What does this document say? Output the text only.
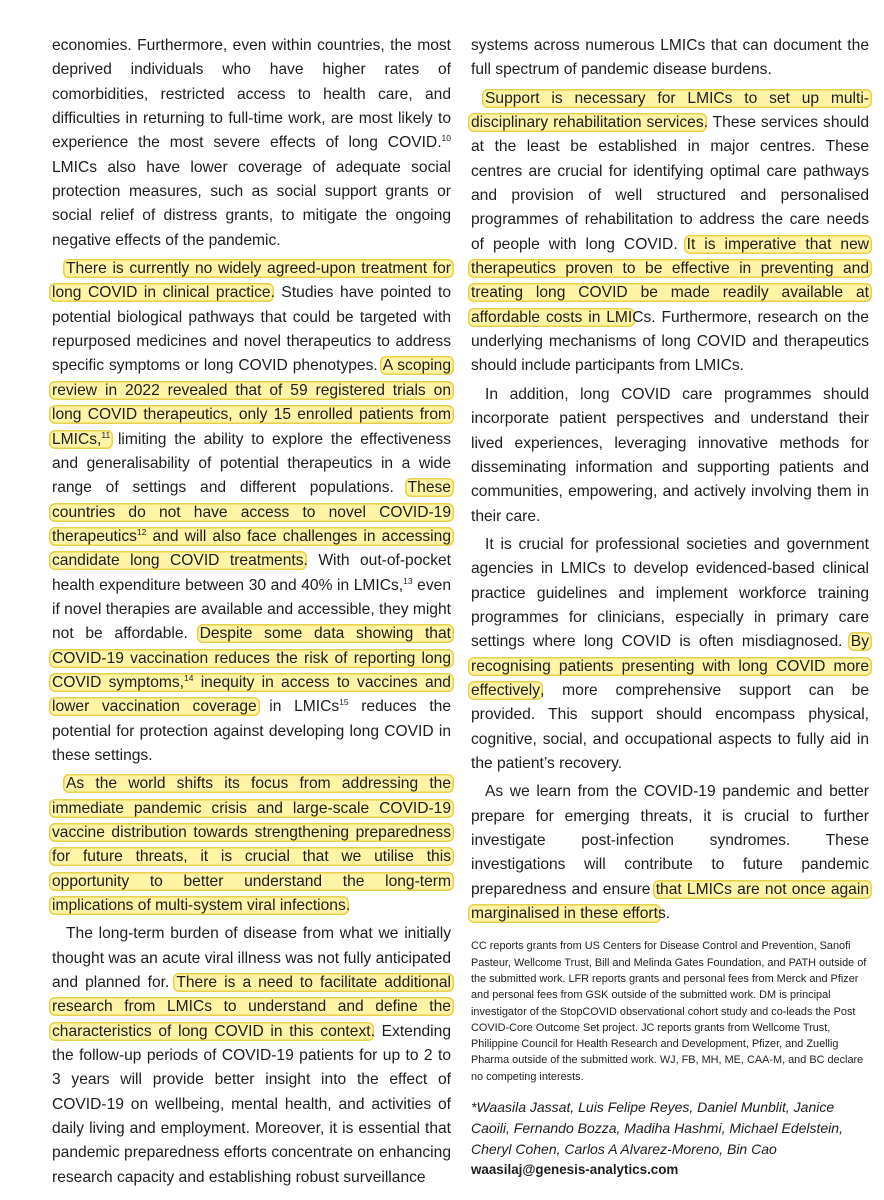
economies. Furthermore, even within countries, the most deprived individuals who have higher rates of comorbidities, restricted access to health care, and difficulties in returning to full-time work, are most likely to experience the most severe effects of long COVID.$^{10}$ LMICs also have lower coverage of adequate social protection measures, such as social support grants or social relief of distress grants, to mitigate the ongoing negative effects of the pandemic.

There is currently no widely agreed-upon treatment for long COVID in clinical practice. Studies have pointed to potential biological pathways that could be targeted with repurposed medicines and novel therapeutics to address specific symptoms or long COVID phenotypes. A scoping review in 2022 revealed that of 59 registered trials on long COVID therapeutics, only 15 enrolled patients from LMICs,$^{11}$ limiting the ability to explore the effectiveness and generalisability of potential therapeutics in a wide range of settings and different populations. These countries do not have access to novel COVID-19 therapeutics$^{12}$ and will also face challenges in accessing candidate long COVID treatments. With out-of-pocket health expenditure between 30 and 40% in LMICs,$^{13}$ even if novel therapies are available and accessible, they might not be affordable. Despite some data showing that COVID-19 vaccination reduces the risk of reporting long COVID symptoms,$^{14}$ inequity in access to vaccines and lower vaccination coverage in LMICs$^{15}$ reduces the potential for protection against developing long COVID in these settings.

As the world shifts its focus from addressing the immediate pandemic crisis and large-scale COVID-19 vaccine distribution towards strengthening preparedness for future threats, it is crucial that we utilise this opportunity to better understand the long-term implications of multi-system viral infections.

The long-term burden of disease from what we initially thought was an acute viral illness was not fully anticipated and planned for. There is a need to facilitate additional research from LMICs to understand and define the characteristics of long COVID in this context. Extending the follow-up periods of COVID-19 patients for up to 2 to 3 years will provide better insight into the effect of COVID-19 on wellbeing, mental health, and activities of daily living and employment. Moreover, it is essential that pandemic preparedness efforts concentrate on enhancing research capacity and establishing robust surveillance

systems across numerous LMICs that can document the full spectrum of pandemic disease burdens.

Support is necessary for LMICs to set up multi-disciplinary rehabilitation services. These services should at the least be established in major centres. These centres are crucial for identifying optimal care pathways and provision of well structured and personalised programmes of rehabilitation to address the care needs of people with long COVID. It is imperative that new therapeutics proven to be effective in preventing and treating long COVID be made readily available at affordable costs in LMICs. Furthermore, research on the underlying mechanisms of long COVID and therapeutics should include participants from LMICs.

In addition, long COVID care programmes should incorporate patient perspectives and understand their lived experiences, leveraging innovative methods for disseminating information and supporting patients and communities, empowering, and actively involving them in their care.

It is crucial for professional societies and government agencies in LMICs to develop evidenced-based clinical practice guidelines and implement workforce training programmes for clinicians, especially in primary care settings where long COVID is often misdiagnosed. By recognising patients presenting with long COVID more effectively, more comprehensive support can be provided. This support should encompass physical, cognitive, social, and occupational aspects to fully aid in the patient’s recovery.

As we learn from the COVID-19 pandemic and better prepare for emerging threats, it is crucial to further investigate post-infection syndromes. These investigations will contribute to future pandemic preparedness and ensure that LMICs are not once again marginalised in these efforts.

CC reports grants from US Centers for Disease Control and Prevention, Sanofi Pasteur, Wellcome Trust, Bill and Melinda Gates Foundation, and PATH outside of the submitted work. LFR reports grants and personal fees from Merck and Pfizer and personal fees from GSK outside of the submitted work. DM is principal investigator of the StopCOVID observational cohort study and co-leads the Post COVID-Core Outcome Set project. JC reports grants from Wellcome Trust, Philippine Council for Health Research and Development, Pfizer, and Zuellig Pharma outside of the submitted work. WJ, FB, MH, ME, CAA-M, and BC declare no competing interests.

*Waasila Jassat, Luis Felipe Reyes, Daniel Munblit, Janice Caoili, Fernando Bozza, Madiha Hashmi, Michael Edelstein, Cheryl Cohen, Carlos A Alvarez-Moreno, Bin Cao

waasilaj@genesis-analytics.com
